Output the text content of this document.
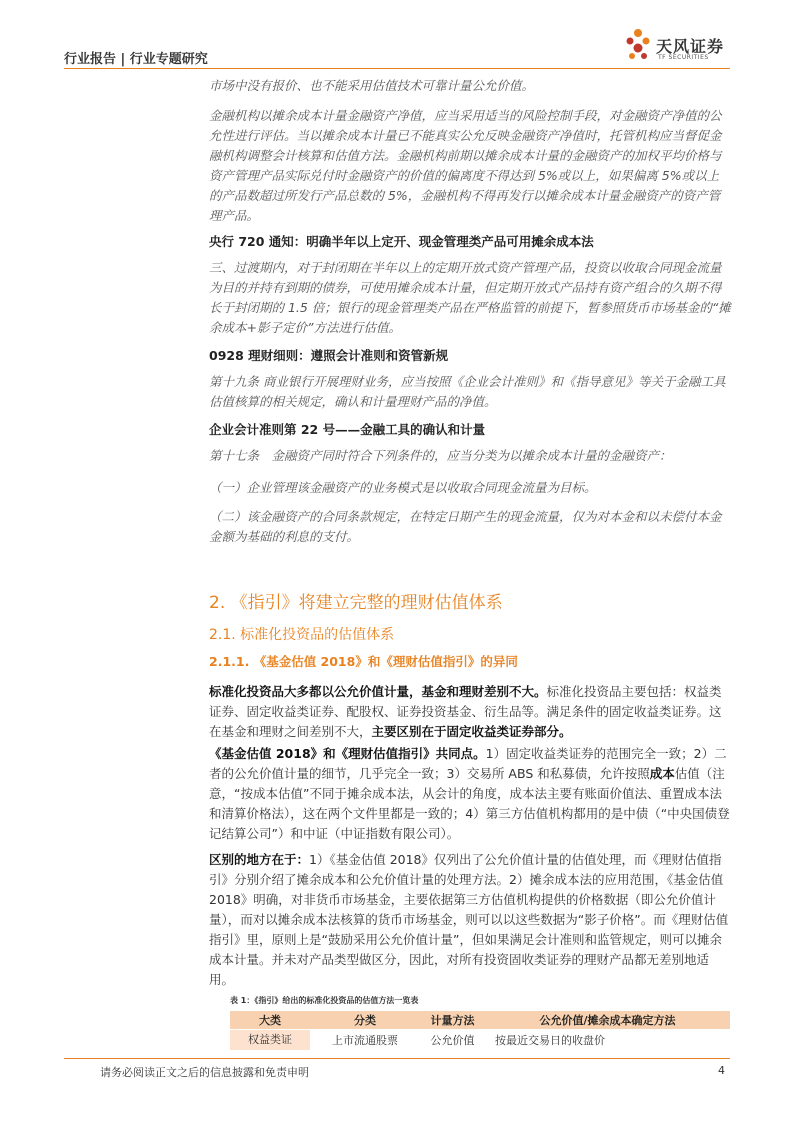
行业报告 | 行业专题研究
天风证券
TF SECURITIES

市场中没有报价、也不能采用估值技术可靠计量公允价值。

金融机构以摊余成本计量金融资产净值，应当采用适当的风险控制手段，对金融资产净值的公允性进行评估。当以摊余成本计量已不能真实公允反映金融资产净值时，托管机构应当督促金融机构调整会计核算和估值方法。金融机构前期以摊余成本计量的金融资产的加权平均价格与资产管理产品实际兑付时金融资产的价值的偏离度不得达到 5%或以上，如果偏离 5%或以上的产品数超过所发行产品总数的 5%，金融机构不得再发行以摊余成本计量金融资产的资产管理产品。

央行 720 通知：明确半年以上定开、现金管理类产品可用摊余成本法

三、过渡期内，对于封闭期在半年以上的定期开放式资产管理产品，投资以收取合同现金流量为目的并持有到期的债券，可使用摊余成本计量，但定期开放式产品持有资产组合的久期不得长于封闭期的 1.5 倍；银行的现金管理类产品在严格监管的前提下，暂参照货币市场基金的“摊余成本+影子定价”方法进行估值。

0928 理财细则：遵照会计准则和资管新规

第十九条 商业银行开展理财业务，应当按照《企业会计准则》和《指导意见》等关于金融工具估值核算的相关规定，确认和计量理财产品的净值。

企业会计准则第 22 号——金融工具的确认和计量

第十七条　金融资产同时符合下列条件的，应当分类为以摊余成本计量的金融资产：

（一）企业管理该金融资产的业务模式是以收取合同现金流量为目标。

（二）该金融资产的合同条款规定，在特定日期产生的现金流量，仅为对本金和以未偿付本金金额为基础的利息的支付。

2. 《指引》将建立完整的理财估值体系

2.1. 标准化投资品的估值体系

2.1.1. 《基金估值 2018》和《理财估值指引》的异同

标准化投资品大多都以公允价值计量，基金和理财差别不大。标准化投资品主要包括：权益类证券、固定收益类证券、配股权、证券投资基金、衍生品等。满足条件的固定收益类证券。这在基金和理财之间差别不大，主要区别在于固定收益类证券部分。

《基金估值 2018》和《理财估值指引》共同点。1）固定收益类证券的范围完全一致；2）二者的公允价值计量的细节，几乎完全一致；3）交易所 ABS 和私募债，允许按照成本估值（注意，“按成本估值”不同于摊余成本法，从会计的角度，成本法主要有账面价值法、重置成本法和清算价格法），这在两个文件里都是一致的；4）第三方估值机构都用的是中债（“中央国债登记结算公司”）和中证（中证指数有限公司）。

区别的地方在于：1）《基金估值 2018》仅列出了公允价值计量的估值处理，而《理财估值指引》分别介绍了摊余成本和公允价值计量的处理方法。2）摊余成本法的应用范围，《基金估值 2018》明确，对非货币市场基金，主要依据第三方估值机构提供的价格数据（即公允价值计量），而对以摊余成本法核算的货币市场基金，则可以以这些数据为“影子价格”。而《理财估值指引》里，原则上是“鼓励采用公允价值计量”，但如果满足会计准则和监管规定，则可以摊余成本计量。并未对产品类型做区分，因此，对所有投资固收类证券的理财产品都无差别地适用。

表 1：《指引》给出的标准化投资品的估值方法一览表
大类	分类	计量方法	公允价值/摊余成本确定方法
权益类证	上市流通股票	公允价值	按最近交易日的收盘价
请务必阅读正文之后的信息披露和免责申明	4
